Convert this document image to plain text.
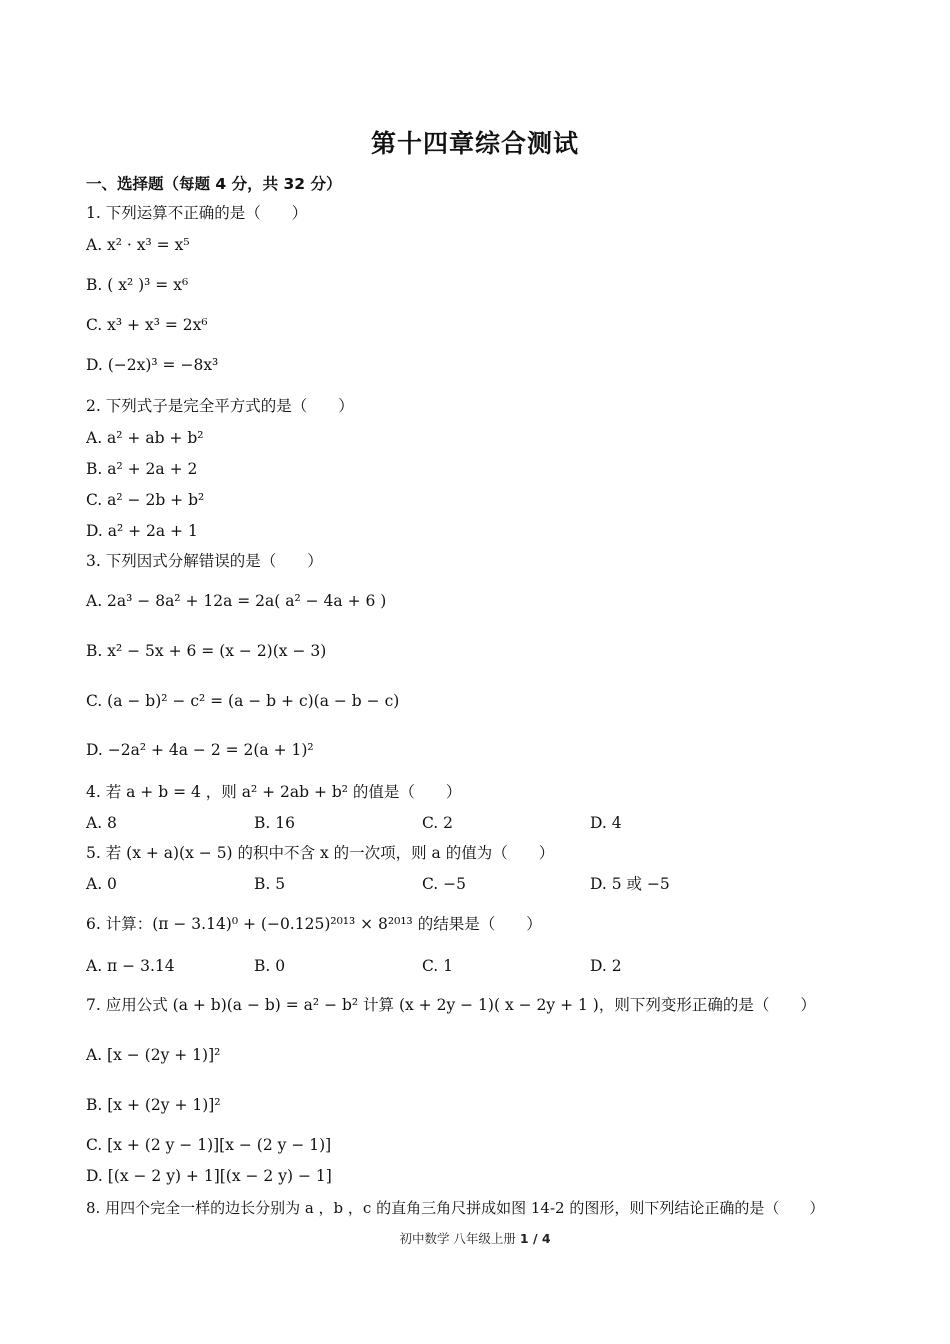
第十四章综合测试
一、选择题（每题 4 分，共 32 分）
1. 下列运算不正确的是（　　）
A. x² · x³ = x⁵
B. ( x² )³ = x⁶
C. x³ + x³ = 2x⁶
D. (−2x)³ = −8x³
2. 下列式子是完全平方式的是（　　）
A. a² + ab + b²
B. a² + 2a + 2
C. a² − 2b + b²
D. a² + 2a + 1
3. 下列因式分解错误的是（　　）
A. 2a³ − 8a² + 12a = 2a( a² − 4a + 6 )
B. x² − 5x + 6 = (x − 2)(x − 3)
C. (a − b)² − c² = (a − b + c)(a − b − c)
D. −2a² + 4a − 2 = 2(a + 1)²
4. 若 a + b = 4 ，则 a² + 2ab + b² 的值是（　　）
A. 8	B. 16	C. 2	D. 4
5. 若 (x + a)(x − 5) 的积中不含 x 的一次项，则 a 的值为（　　）
A. 0	B. 5	C. −5	D. 5 或 −5
6. 计算：(π − 3.14)⁰ + (−0.125)²⁰¹³ × 8²⁰¹³ 的结果是（　　）
A. π − 3.14	B. 0	C. 1	D. 2
7. 应用公式 (a + b)(a − b) = a² − b² 计算 (x + 2y − 1)( x − 2y + 1 )，则下列变形正确的是（　　）
A. [x − (2y + 1)]²
B. [x + (2y + 1)]²
C. [x + (2 y − 1)][x − (2 y − 1)]
D. [(x − 2 y) + 1][(x − 2 y) − 1]
8. 用四个完全一样的边长分别为 a ，b ，c 的直角三角尺拼成如图 14-2 的图形，则下列结论正确的是（　　）
初中数学 八年级上册 1 / 4
